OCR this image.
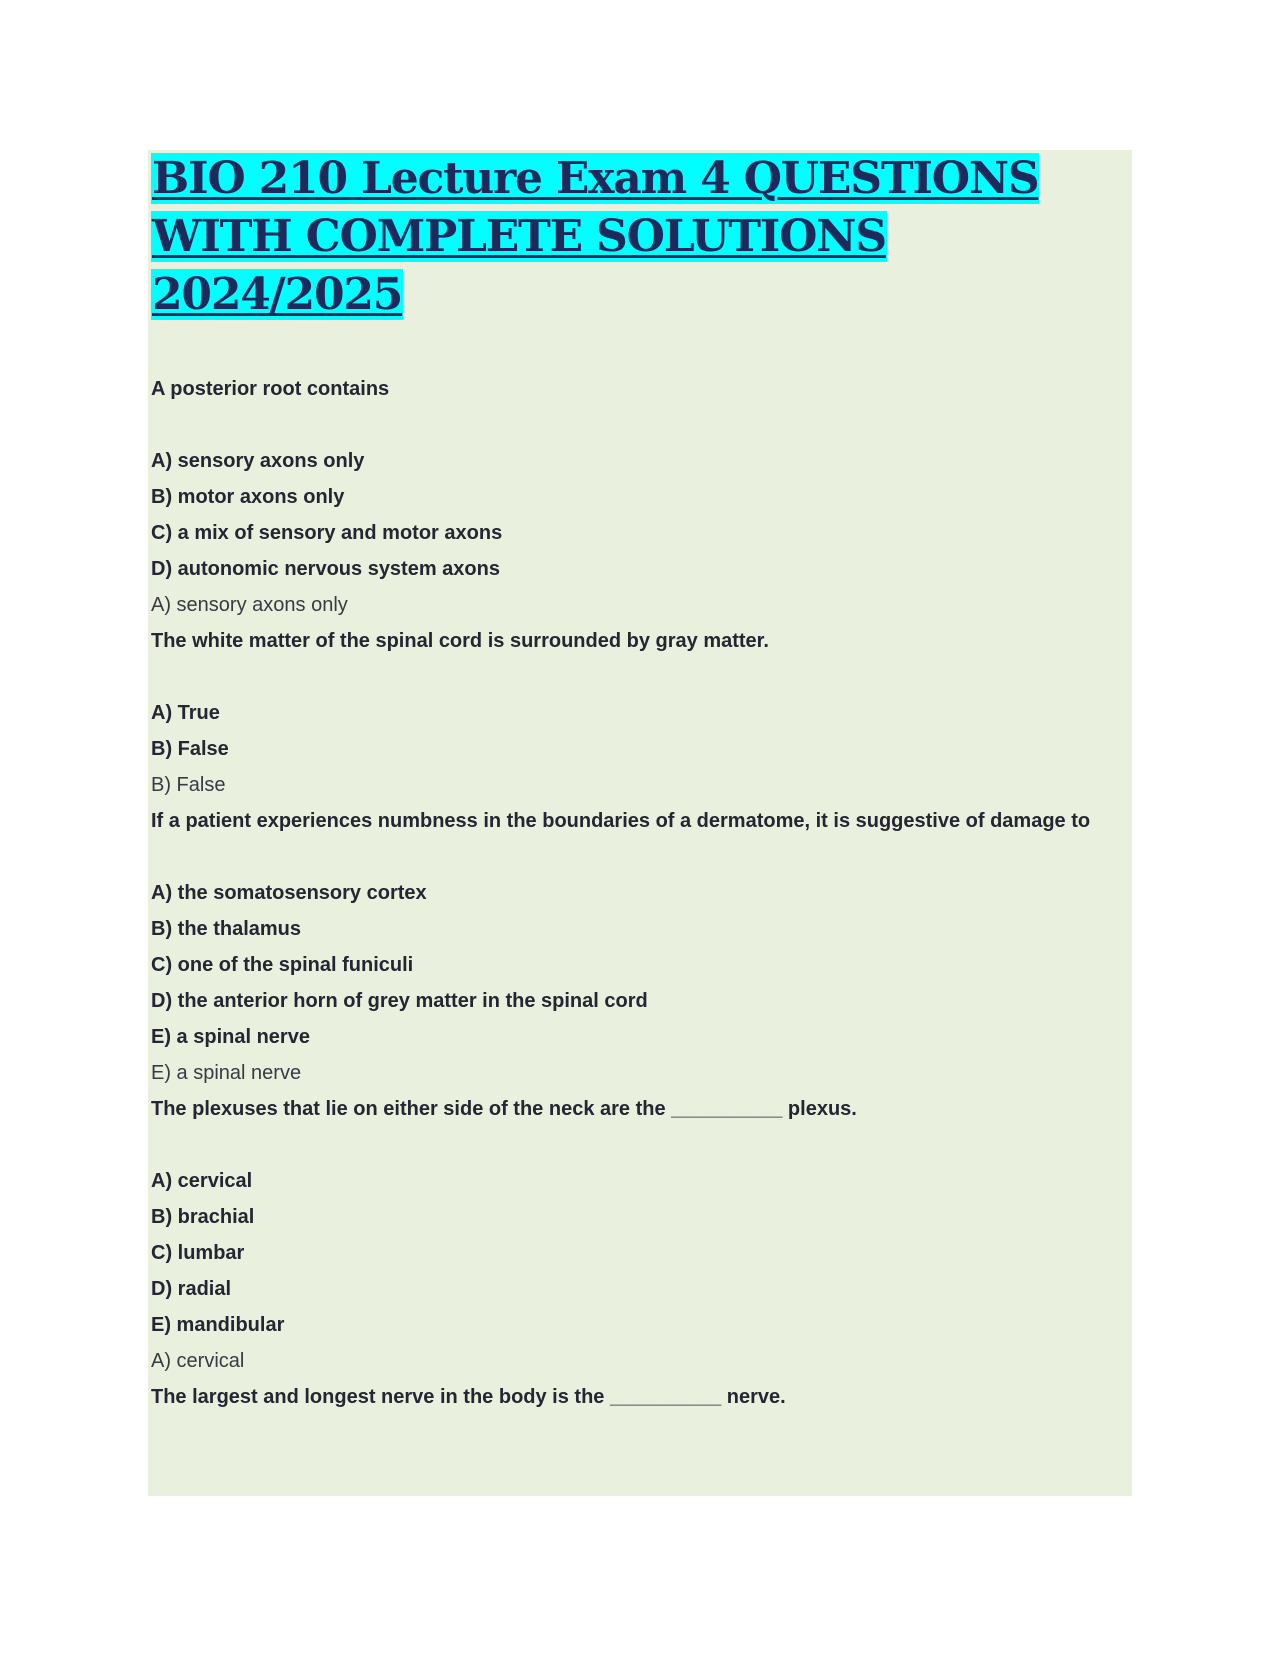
BIO 210 Lecture Exam 4 QUESTIONS WITH COMPLETE SOLUTIONS 2024/2025

A posterior root contains

A) sensory axons only

B) motor axons only

C) a mix of sensory and motor axons

D) autonomic nervous system axons

A) sensory axons only

The white matter of the spinal cord is surrounded by gray matter.

A) True

B) False

B) False

If a patient experiences numbness in the boundaries of a dermatome, it is suggestive of damage to

A) the somatosensory cortex

B) the thalamus

C) one of the spinal funiculi

D) the anterior horn of grey matter in the spinal cord

E) a spinal nerve

E) a spinal nerve

The plexuses that lie on either side of the neck are the __________ plexus.

A) cervical

B) brachial

C) lumbar

D) radial

E) mandibular

A) cervical

The largest and longest nerve in the body is the __________ nerve.
